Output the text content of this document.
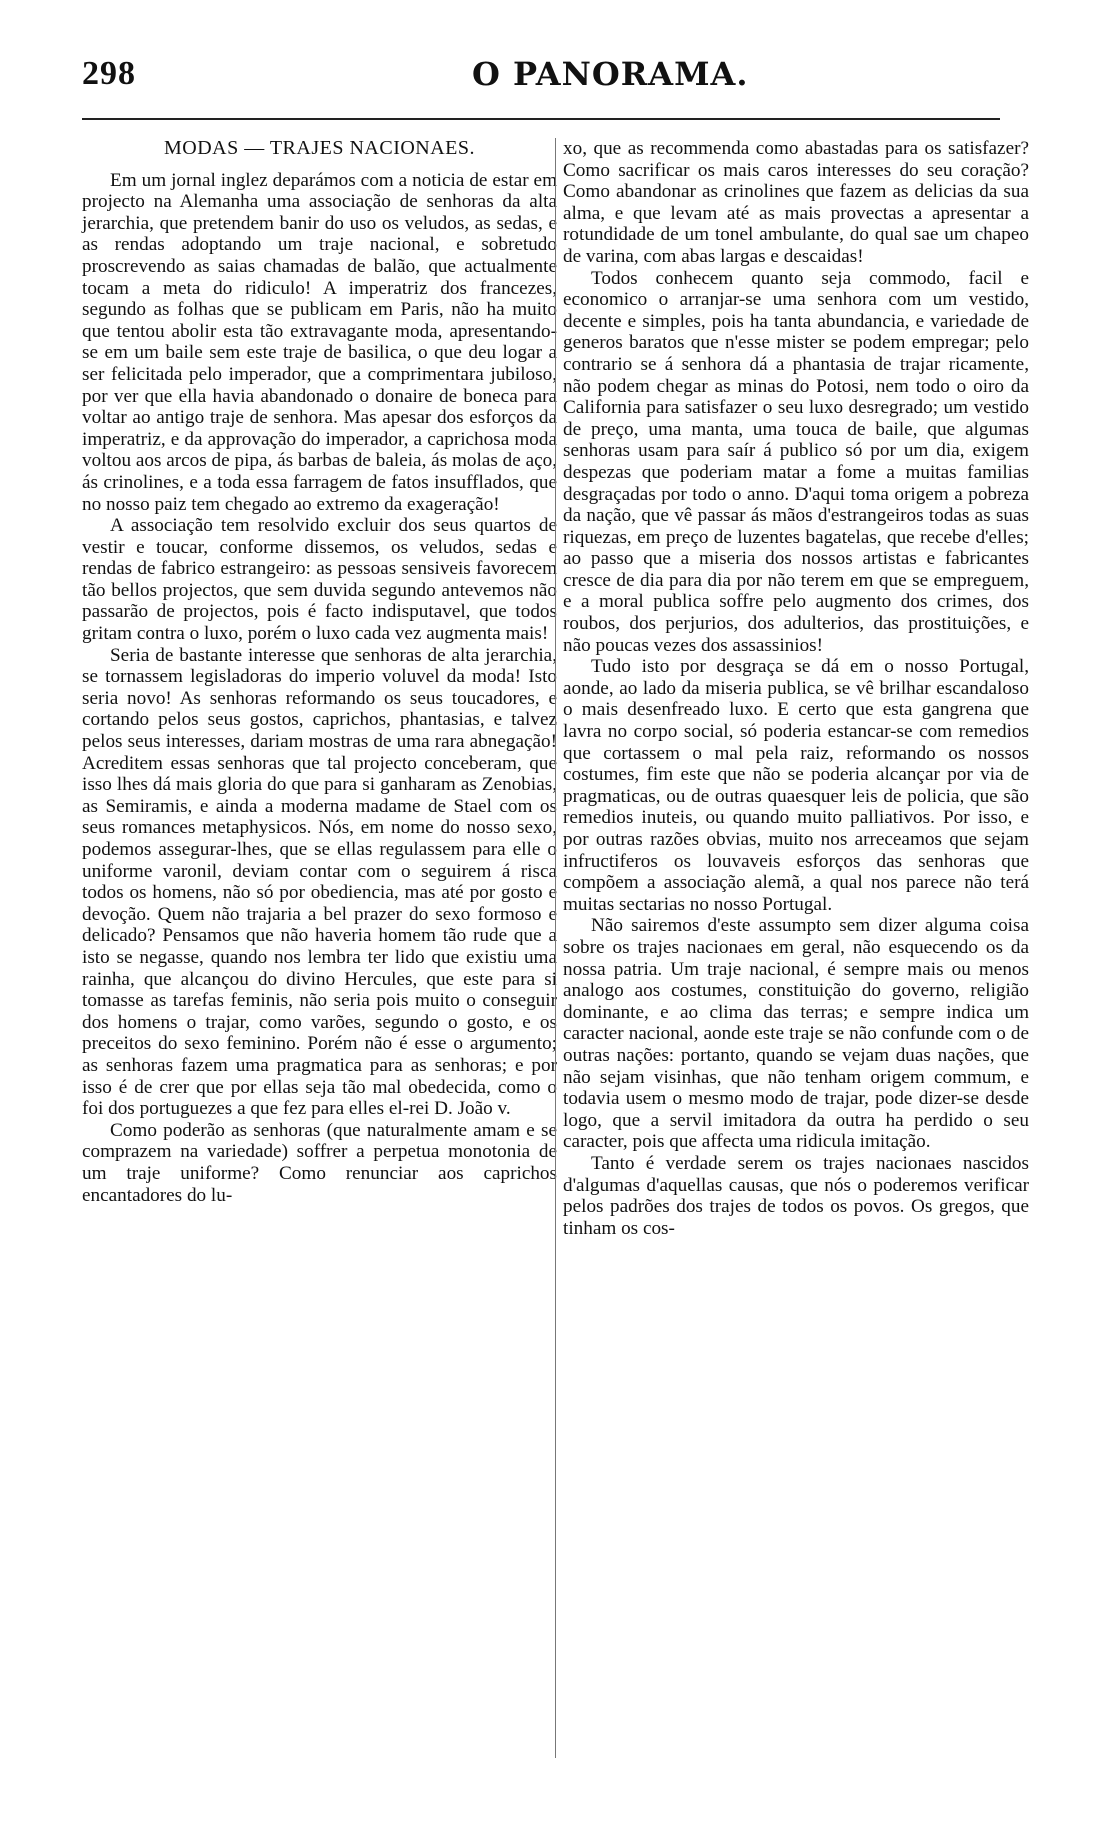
298	O PANORAMA.
MODAS — TRAJES NACIONAES.

Em um jornal inglez deparámos com a noticia de estar em projecto na Alemanha uma associação de senhoras da alta jerarchia, que pretendem banir do uso os veludos, as sedas, e as rendas adoptando um traje nacional, e sobretudo proscrevendo as saias chamadas de balão, que actualmente tocam a meta do ridiculo! A imperatriz dos francezes, segundo as folhas que se publicam em Paris, não ha muito que tentou abolir esta tão extravagante moda, apresentando-se em um baile sem este traje de basilica, o que deu logar a ser felicitada pelo imperador, que a comprimentara jubiloso, por ver que ella havia abandonado o donaire de boneca para voltar ao antigo traje de senhora. Mas apesar dos esforços da imperatriz, e da approvação do imperador, a caprichosa moda voltou aos arcos de pipa, ás barbas de baleia, ás molas de aço, ás crinolines, e a toda essa farragem de fatos insufflados, que no nosso paiz tem chegado ao extremo da exageração!

A associação tem resolvido excluir dos seus quartos de vestir e toucar, conforme dissemos, os veludos, sedas e rendas de fabrico estrangeiro: as pessoas sensiveis favorecem tão bellos projectos, que sem duvida segundo antevemos não passarão de projectos, pois é facto indisputavel, que todos gritam contra o luxo, porém o luxo cada vez augmenta mais!

Seria de bastante interesse que senhoras de alta jerarchia, se tornassem legisladoras do imperio voluvel da moda! Isto seria novo! As senhoras reformando os seus toucadores, e cortando pelos seus gostos, caprichos, phantasias, e talvez pelos seus interesses, dariam mostras de uma rara abnegação! Acreditem essas senhoras que tal projecto conceberam, que isso lhes dá mais gloria do que para si ganharam as Zenobias, as Semiramis, e ainda a moderna madame de Stael com os seus romances metaphysicos. Nós, em nome do nosso sexo, podemos assegurar-lhes, que se ellas regulassem para elle o uniforme varonil, deviam contar com o seguirem á risca todos os homens, não só por obediencia, mas até por gosto e devoção. Quem não trajaria a bel prazer do sexo formoso e delicado? Pensamos que não haveria homem tão rude que a isto se negasse, quando nos lembra ter lido que existiu uma rainha, que alcançou do divino Hercules, que este para si tomasse as tarefas feminis, não seria pois muito o conseguir dos homens o trajar, como varões, segundo o gosto, e os preceitos do sexo feminino. Porém não é esse o argumento; as senhoras fazem uma pragmatica para as senhoras; e por isso é de crer que por ellas seja tão mal obedecida, como o foi dos portuguezes a que fez para elles el-rei D. João v.

Como poderão as senhoras (que naturalmente amam e se comprazem na variedade) soffrer a perpetua monotonia de um traje uniforme? Como renunciar aos caprichos encantadores do lu-

xo, que as recommenda como abastadas para os satisfazer? Como sacrificar os mais caros interesses do seu coração? Como abandonar as crinolines que fazem as delicias da sua alma, e que levam até as mais provectas a apresentar a rotundidade de um tonel ambulante, do qual sae um chapeo de varina, com abas largas e descaidas!

Todos conhecem quanto seja commodo, facil e economico o arranjar-se uma senhora com um vestido, decente e simples, pois ha tanta abundancia, e variedade de generos baratos que n'esse mister se podem empregar; pelo contrario se á senhora dá a phantasia de trajar ricamente, não podem chegar as minas do Potosi, nem todo o oiro da California para satisfazer o seu luxo desregrado; um vestido de preço, uma manta, uma touca de baile, que algumas senhoras usam para saír á publico só por um dia, exigem despezas que poderiam matar a fome a muitas familias desgraçadas por todo o anno. D'aqui toma origem a pobreza da nação, que vê passar ás mãos d'estrangeiros todas as suas riquezas, em preço de luzentes bagatelas, que recebe d'elles; ao passo que a miseria dos nossos artistas e fabricantes cresce de dia para dia por não terem em que se empreguem, e a moral publica soffre pelo augmento dos crimes, dos roubos, dos perjurios, dos adulterios, das prostituições, e não poucas vezes dos assassinios!

Tudo isto por desgraça se dá em o nosso Portugal, aonde, ao lado da miseria publica, se vê brilhar escandaloso o mais desenfreado luxo. E certo que esta gangrena que lavra no corpo social, só poderia estancar-se com remedios que cortassem o mal pela raiz, reformando os nossos costumes, fim este que não se poderia alcançar por via de pragmaticas, ou de outras quaesquer leis de policia, que são remedios inuteis, ou quando muito palliativos. Por isso, e por outras razões obvias, muito nos arreceamos que sejam infructiferos os louvaveis esforços das senhoras que compõem a associação alemã, a qual nos parece não terá muitas sectarias no nosso Portugal.

Não sairemos d'este assumpto sem dizer alguma coisa sobre os trajes nacionaes em geral, não esquecendo os da nossa patria. Um traje nacional, é sempre mais ou menos analogo aos costumes, constituição do governo, religião dominante, e ao clima das terras; e sempre indica um caracter nacional, aonde este traje se não confunde com o de outras nações: portanto, quando se vejam duas nações, que não sejam visinhas, que não tenham origem commum, e todavia usem o mesmo modo de trajar, pode dizer-se desde logo, que a servil imitadora da outra ha perdido o seu caracter, pois que affecta uma ridicula imitação.

Tanto é verdade serem os trajes nacionaes nascidos d'algumas d'aquellas causas, que nós o poderemos verificar pelos padrões dos trajes de todos os povos. Os gregos, que tinham os cos-
